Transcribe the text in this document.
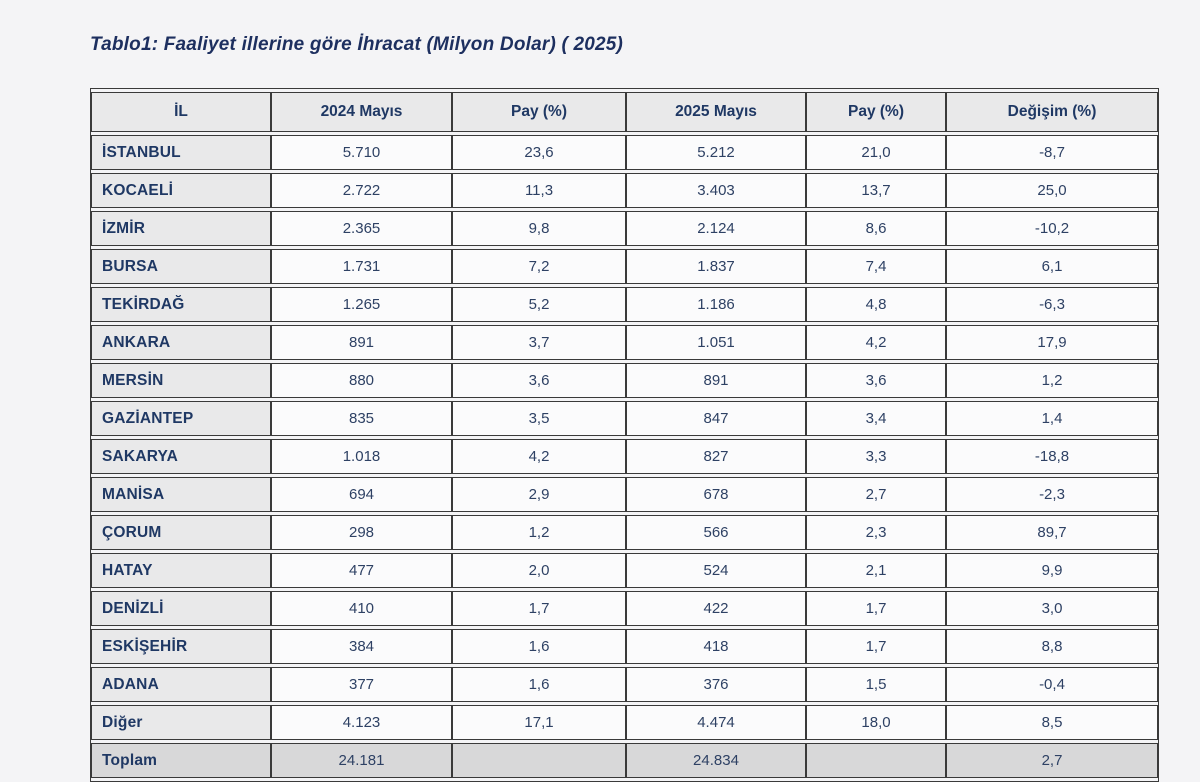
Tablo1: Faaliyet illerine göre İhracat (Milyon Dolar) ( 2025)
İL	2024 Mayıs	Pay (%)	2025 Mayıs	Pay (%)	Değişim (%)
İSTANBUL	5.710	23,6	5.212	21,0	-8,7
KOCAELİ	2.722	11,3	3.403	13,7	25,0
İZMİR	2.365	9,8	2.124	8,6	-10,2
BURSA	1.731	7,2	1.837	7,4	6,1
TEKİRDAĞ	1.265	5,2	1.186	4,8	-6,3
ANKARA	891	3,7	1.051	4,2	17,9
MERSİN	880	3,6	891	3,6	1,2
GAZİANTEP	835	3,5	847	3,4	1,4
SAKARYA	1.018	4,2	827	3,3	-18,8
MANİSA	694	2,9	678	2,7	-2,3
ÇORUM	298	1,2	566	2,3	89,7
HATAY	477	2,0	524	2,1	9,9
DENİZLİ	410	1,7	422	1,7	3,0
ESKİŞEHİR	384	1,6	418	1,7	8,8
ADANA	377	1,6	376	1,5	-0,4
Diğer	4.123	17,1	4.474	18,0	8,5
Toplam	24.181		24.834		2,7
